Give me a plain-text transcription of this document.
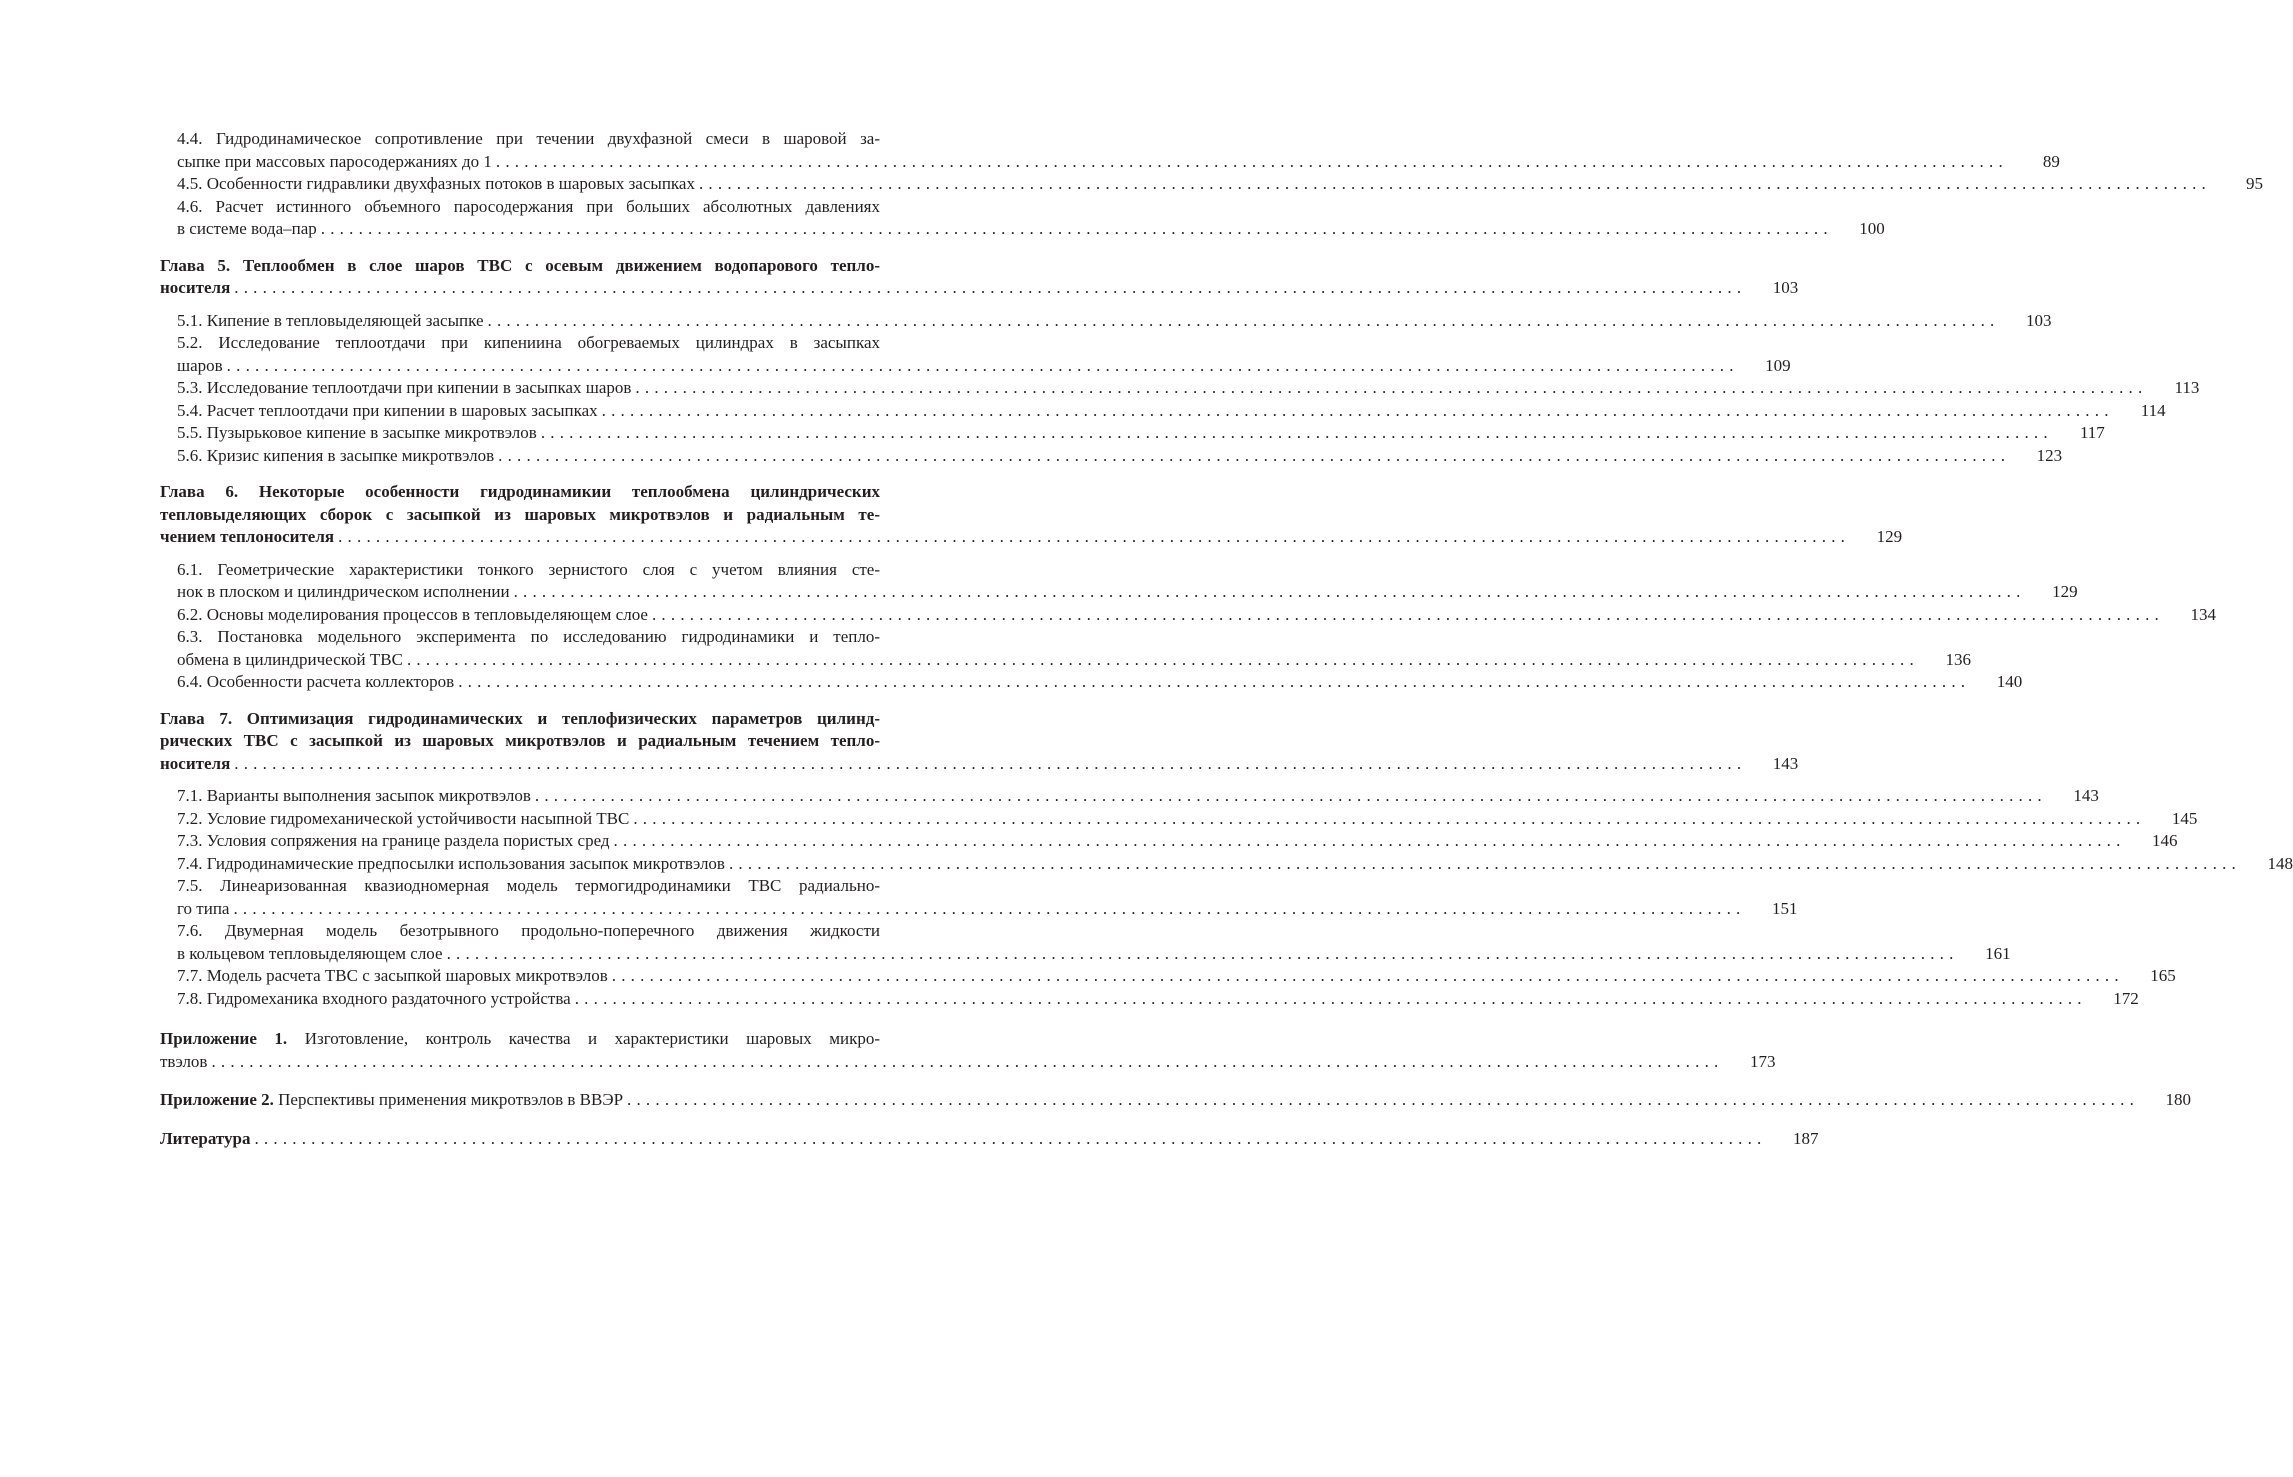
4.4. Гидродинамическое сопротивление при течении двухфазной смеси в шаровой за-
сыпке при массовых паросодержаниях до 1 ................................................................................................................................................................	89
4.5. Особенности гидравлики двухфазных потоков в шаровых засыпках ................................................................................................................................................................	95
4.6. Расчет истинного объемного паросодержания при больших абсолютных давлениях
в системе вода–пар ................................................................................................................................................................	100
Глава 5. Теплообмен в слое шаров ТВС с осевым движением водопарового тепло-
носителя ................................................................................................................................................................	103
5.1. Кипение в тепловыделяющей засыпке ................................................................................................................................................................	103
5.2. Исследование теплоотдачи при кипениина обогреваемых цилиндрах в засыпках
шаров ................................................................................................................................................................	109
5.3. Исследование теплоотдачи при кипении в засыпках шаров ................................................................................................................................................................	113
5.4. Расчет теплоотдачи при кипении в шаровых засыпках ................................................................................................................................................................	114
5.5. Пузырьковое кипение в засыпке микротвэлов ................................................................................................................................................................	117
5.6. Кризис кипения в засыпке микротвэлов ................................................................................................................................................................	123
Глава 6. Некоторые особенности гидродинамикии теплообмена цилиндрических
тепловыделяющих сборок с засыпкой из шаровых микротвэлов и радиальным те-
чением теплоносителя ................................................................................................................................................................	129
6.1. Геометрические характеристики тонкого зернистого слоя с учетом влияния сте-
нок в плоском и цилиндрическом исполнении ................................................................................................................................................................	129
6.2. Основы моделирования процессов в тепловыделяющем слое ................................................................................................................................................................	134
6.3. Постановка модельного эксперимента по исследованию гидродинамики и тепло-
обмена в цилиндрической ТВС ................................................................................................................................................................	136
6.4. Особенности расчета коллекторов ................................................................................................................................................................	140
Глава 7. Оптимизация гидродинамических и теплофизических параметров цилинд-
рических ТВС с засыпкой из шаровых микротвэлов и радиальным течением тепло-
носителя ................................................................................................................................................................	143
7.1. Варианты выполнения засыпок микротвэлов ................................................................................................................................................................	143
7.2. Условие гидромеханической устойчивости насыпной ТВС ................................................................................................................................................................	145
7.3. Условия сопряжения на границе раздела пористых сред ................................................................................................................................................................	146
7.4. Гидродинамические предпосылки использования засыпок микротвэлов ................................................................................................................................................................	148
7.5. Линеаризованная квазиодномерная модель термогидродинамики ТВС радиально-
го типа ................................................................................................................................................................	151
7.6. Двумерная модель безотрывного продольно-поперечного движения жидкости
в кольцевом тепловыделяющем слое ................................................................................................................................................................	161
7.7. Модель расчета ТВС с засыпкой шаровых микротвэлов ................................................................................................................................................................	165
7.8. Гидромеханика входного раздаточного устройства ................................................................................................................................................................	172
Приложение 1. Изготовление, контроль качества и характеристики шаровых микро-
твэлов ................................................................................................................................................................	173
Приложение 2. Перспективы применения микротвэлов в ВВЭР ................................................................................................................................................................	180
Литература ................................................................................................................................................................	187
